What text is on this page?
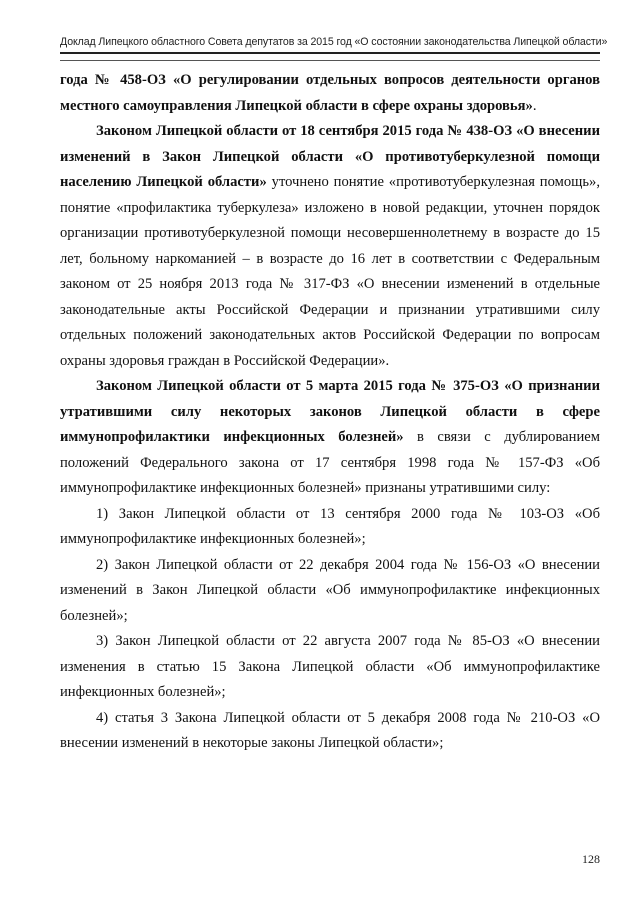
Доклад Липецкого областного Совета депутатов за 2015 год «О состоянии законодательства Липецкой области»

года № 458-ОЗ «О регулировании отдельных вопросов деятельности органов местного самоуправления Липецкой области в сфере охраны здоровья».

Законом Липецкой области от 18 сентября 2015 года № 438-ОЗ «О внесении изменений в Закон Липецкой области «О противотуберкулезной помощи населению Липецкой области» уточнено понятие «противотуберкулезная помощь», понятие «профилактика туберкулеза» изложено в новой редакции, уточнен порядок организации противотуберкулезной помощи несовершеннолетнему в возрасте до 15 лет, больному наркоманией – в возрасте до 16 лет в соответствии с Федеральным законом от 25 ноября 2013 года № 317-ФЗ «О внесении изменений в отдельные законодательные акты Российской Федерации и признании утратившими силу отдельных положений законодательных актов Российской Федерации по вопросам охраны здоровья граждан в Российской Федерации».

Законом Липецкой области от 5 марта 2015 года № 375-ОЗ «О признании утратившими силу некоторых законов Липецкой области в сфере иммунопрофилактики инфекционных болезней» в связи с дублированием положений Федерального закона от 17 сентября 1998 года № 157-ФЗ «Об иммунопрофилактике инфекционных болезней» признаны утратившими силу:

1) Закон Липецкой области от 13 сентября 2000 года № 103-ОЗ «Об иммунопрофилактике инфекционных болезней»;

2) Закон Липецкой области от 22 декабря 2004 года № 156-ОЗ «О внесении изменений в Закон Липецкой области «Об иммунопрофилактике инфекционных болезней»;

3) Закон Липецкой области от 22 августа 2007 года № 85-ОЗ «О внесении изменения в статью 15 Закона Липецкой области «Об иммунопрофилактике инфекционных болезней»;

4) статья 3 Закона Липецкой области от 5 декабря 2008 года № 210-ОЗ «О внесении изменений в некоторые законы Липецкой области»;

128
